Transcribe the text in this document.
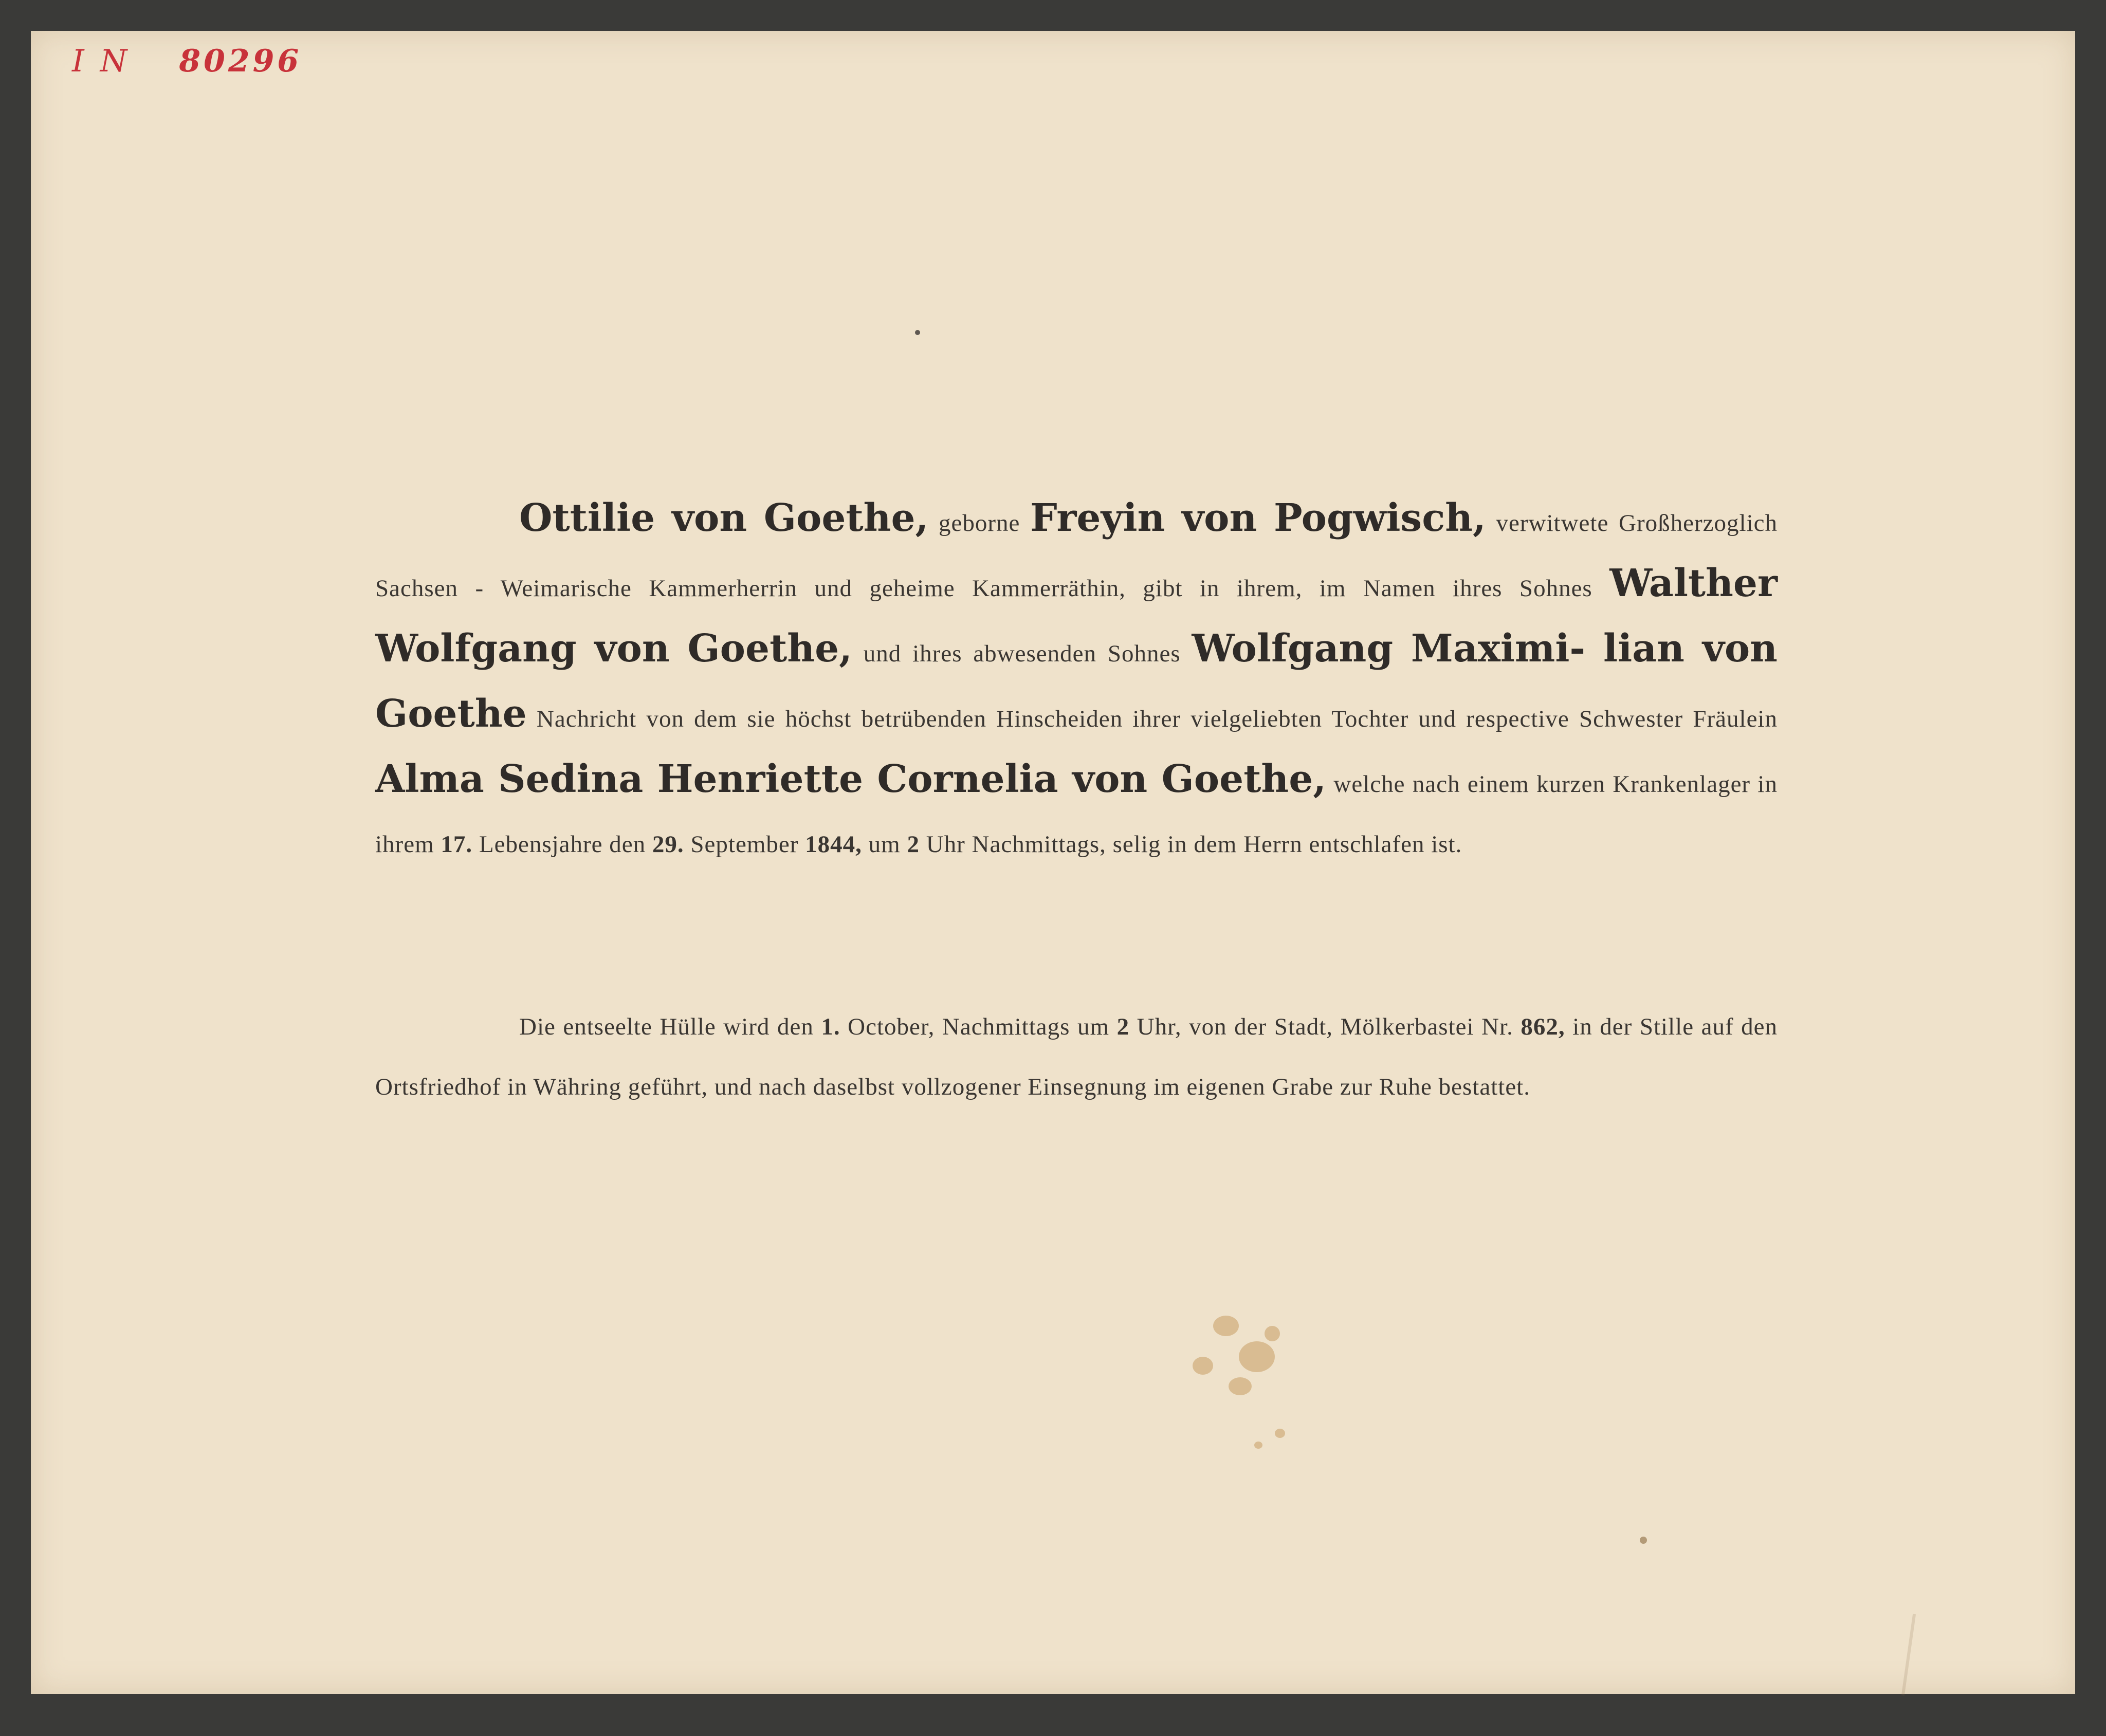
I N 80296
Ottilie von Goethe, geborne Freyin von Pogwisch, verwitwete Großherzoglich Sachsen - Weimarische Kammerherrin und geheime Kammerräthin, gibt in ihrem, im Namen ihres Sohnes Walther Wolfgang von Goethe, und ihres abwesenden Sohnes Wolfgang Maximi- lian von Goethe Nachricht von dem sie höchst betrübenden Hinscheiden ihrer vielgeliebten Tochter und respective Schwester Fräulein Alma Sedina Henriette Cornelia von Goethe, welche nach einem kurzen Krankenlager in ihrem 17. Lebensjahre den 29. September 1844, um 2 Uhr Nachmittags, selig in dem Herrn entschlafen ist.
Die entseelte Hülle wird den 1. October, Nachmittags um 2 Uhr, von der Stadt, Mölkerbastei Nr. 862, in der Stille auf den Ortsfriedhof in Währing geführt, und nach daselbst vollzogener Einsegnung im eigenen Grabe zur Ruhe bestattet.
